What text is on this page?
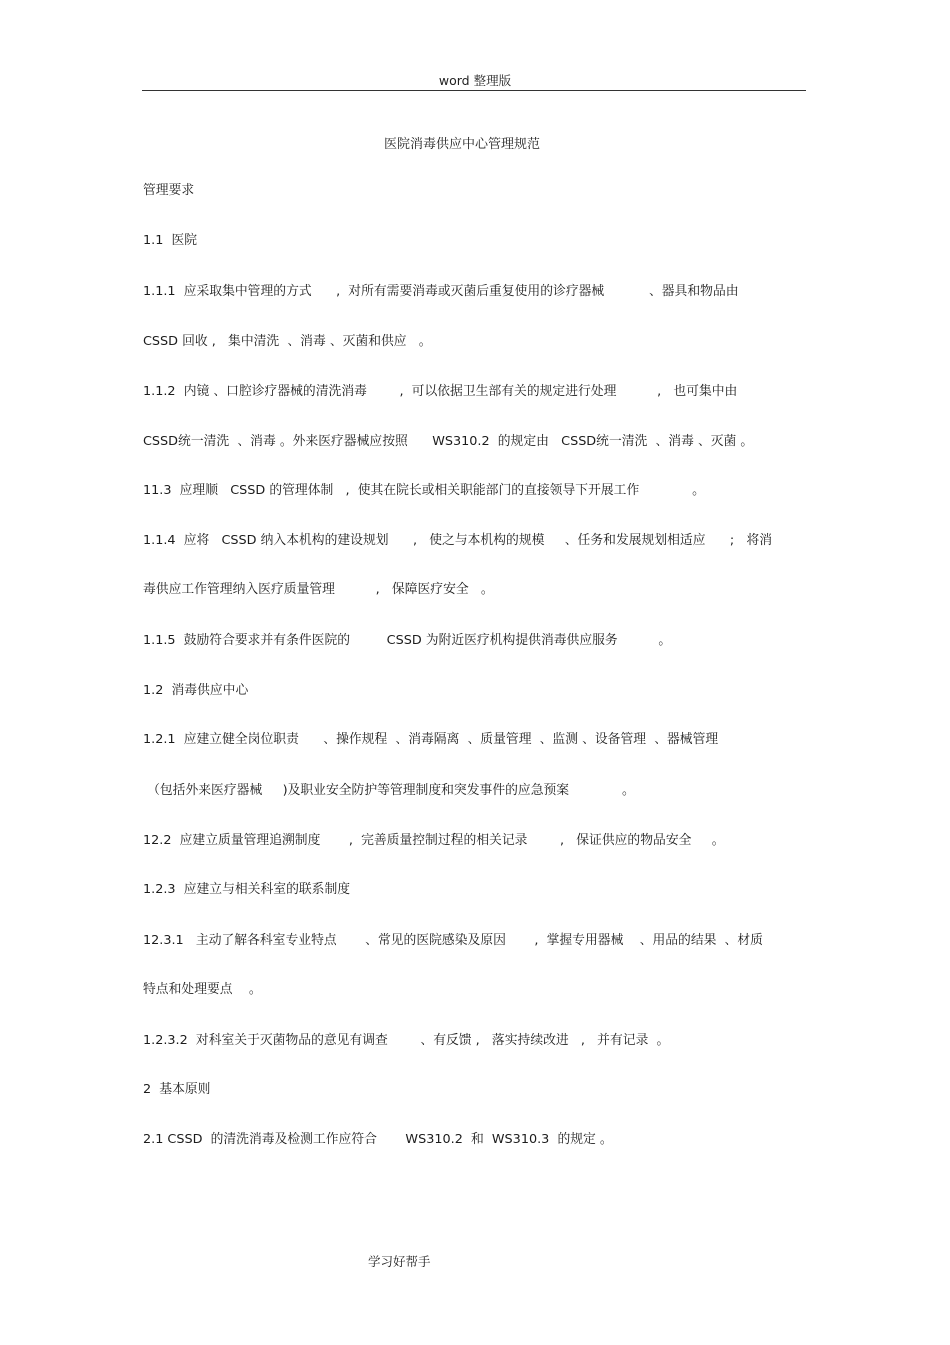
word 整理版
医院消毒供应中心管理规范
管理要求
1.1  医院
1.1.1  应采取集中管理的方式      ,  对所有需要消毒或灭菌后重复使用的诊疗器械           、器具和物品由
CSSD 回收 ,   集中清洗  、消毒 、灭菌和供应   。
1.1.2  内镜 、口腔诊疗器械的清洗消毒        ,  可以依据卫生部有关的规定进行处理          ,   也可集中由
CSSD统一清洗  、消毒 。外来医疗器械应按照      WS310.2  的规定由   CSSD统一清洗  、消毒 、灭菌 。
11.3  应理顺   CSSD 的管理体制   ,  使其在院长或相关职能部门的直接领导下开展工作             。
1.1.4  应将   CSSD 纳入本机构的建设规划      ,   使之与本机构的规模     、任务和发展规划相适应      ;   将消
毒供应工作管理纳入医疗质量管理          ,   保障医疗安全   。
1.1.5  鼓励符合要求并有条件医院的         CSSD 为附近医疗机构提供消毒供应服务          。
1.2  消毒供应中心
1.2.1  应建立健全岗位职责      、操作规程  、消毒隔离  、质量管理  、监测 、设备管理  、器械管理
（包括外来医疗器械     )及职业安全防护等管理制度和突发事件的应急预案             。
12.2  应建立质量管理追溯制度       ,  完善质量控制过程的相关记录        ,   保证供应的物品安全     。
1.2.3  应建立与相关科室的联系制度
12.3.1   主动了解各科室专业特点       、常见的医院感染及原因       ,  掌握专用器械    、用品的结果  、材质
特点和处理要点    。
1.2.3.2  对科室关于灭菌物品的意见有调查        、有反馈 ,   落实持续改进   ,   并有记录  。
2  基本原则
2.1 CSSD  的清洗消毒及检测工作应符合       WS310.2  和  WS310.3  的规定 。
学习好帮手
